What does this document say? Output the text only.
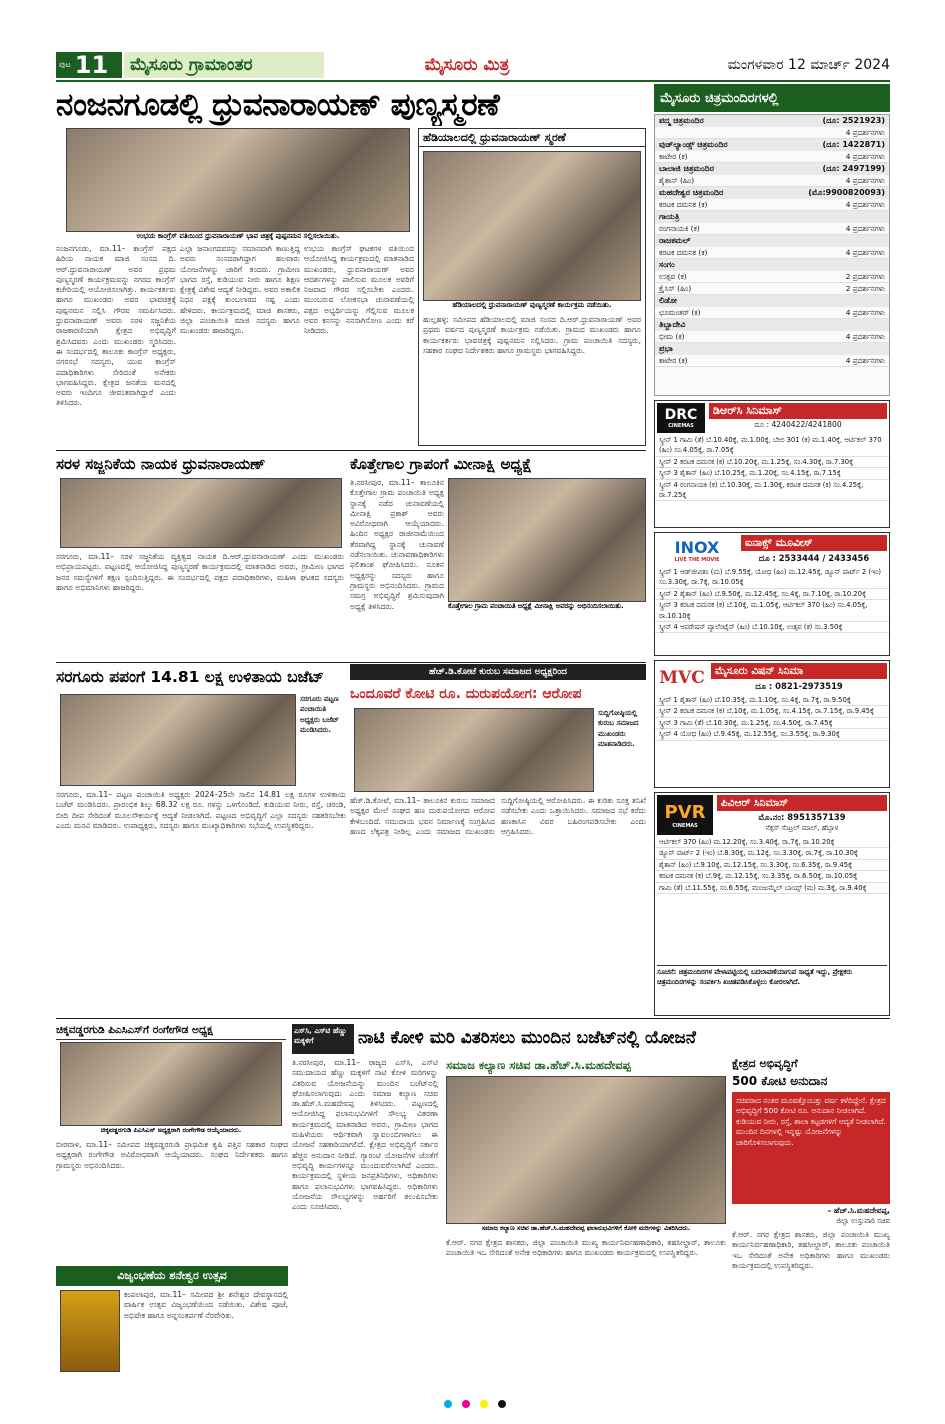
ಪುಟ 11	ಮೈಸೂರು ಗ್ರಾಮಾಂತರ	ಮೈಸೂರು ಮಿತ್ರ	ಮಂಗಳವಾರ 12 ಮಾರ್ಚ್ 2024
ನಂಜನಗೂಡಲ್ಲಿ ಧ್ರುವನಾರಾಯಣ್ ಪುಣ್ಯಸ್ಮರಣೆ
ಉಭಯ ಕಾಂಗ್ರೆಸ್ ವತಿಯಿಂದ ಧ್ರುವನಾರಾಯಣ್ ಭಾವ ಚಿತ್ರಕ್ಕೆ ಪುಷ್ಪನಮನ ಸಲ್ಲಿಸಲಾಯಿತು.
ನಂಜನಗೂಡು, ಮಾ.11– ಕಾಂಗ್ರೆಸ್ ಪಕ್ಷದ ಹಿರಿಯ ನಾಯಕ ಮಾಜಿ ಸಂಸದ ದಿ. ಆರ್.ಧ್ರುವನಾರಾಯಣ್ ಅವರ ಪ್ರಥಮ ಪುಣ್ಯಸ್ಮರಣೆ ಕಾರ್ಯಕ್ರಮವನ್ನು ನಗರದ ಕಾಂಗ್ರೆಸ್ ಕಚೇರಿಯಲ್ಲಿ ಆಯೋಜಿಸಲಾಗಿತ್ತು. ಕಾರ್ಯಕರ್ತರು ಹಾಗೂ ಮುಖಂಡರು ಅವರ ಭಾವಚಿತ್ರಕ್ಕೆ ಪುಷ್ಪನಮನ ಸಲ್ಲಿಸಿ ಗೌರವ ಸಮರ್ಪಿಸಿದರು. ಧ್ರುವನಾರಾಯಣ್ ಅವರು ಸರಳ ಸಜ್ಜನಿಕೆಯ ರಾಜಕಾರಣಿಯಾಗಿ ಕ್ಷೇತ್ರದ ಅಭಿವೃದ್ಧಿಗೆ ಶ್ರಮಿಸಿದವರು ಎಂದು ಮುಖಂಡರು ಸ್ಮರಿಸಿದರು. ಈ ಸಂದರ್ಭದಲ್ಲಿ ತಾಲೂಕು ಕಾಂಗ್ರೆಸ್ ಅಧ್ಯಕ್ಷರು, ನಗರಸಭೆ ಸದಸ್ಯರು, ಯುವ ಕಾಂಗ್ರೆಸ್ ಪದಾಧಿಕಾರಿಗಳು ಸೇರಿದಂತೆ ಅನೇಕರು ಭಾಗವಹಿಸಿದ್ದರು. ಕ್ಷೇತ್ರದ ಜನತೆಯ ಮನದಲ್ಲಿ ಅವರು ಇಂದಿಗೂ ಜೀವಂತವಾಗಿದ್ದಾರೆ ಎಂದು ತಿಳಿಸಿದರು.
ಎಲ್ಲಾ ಜನಾಂಗದವರನ್ನು ಸಮಾನವಾಗಿ ಕಾಣುತ್ತಿದ್ದ ಅವರು ಸಂಸದರಾಗಿದ್ದಾಗ ಹಲವಾರು ಯೋಜನೆಗಳನ್ನು ಜಾರಿಗೆ ತಂದರು. ಗ್ರಾಮೀಣ ಭಾಗದ ರಸ್ತೆ, ಕುಡಿಯುವ ನೀರು ಹಾಗೂ ಶಿಕ್ಷಣ ಕ್ಷೇತ್ರಕ್ಕೆ ವಿಶೇಷ ಆದ್ಯತೆ ನೀಡಿದ್ದರು. ಅವರ ಅಕಾಲಿಕ ನಿಧನ ಪಕ್ಷಕ್ಕೆ ತುಂಬಲಾರದ ನಷ್ಟ ಎಂದು ಹೇಳಿದರು. ಕಾರ್ಯಕ್ರಮದಲ್ಲಿ ಮಾಜಿ ಶಾಸಕರು, ಜಿಲ್ಲಾ ಪಂಚಾಯಿತಿ ಮಾಜಿ ಸದಸ್ಯರು ಹಾಗೂ ಮುಖಂಡರು ಹಾಜರಿದ್ದರು.
ಉಭಯ ಕಾಂಗ್ರೆಸ್ ಘಟಕಗಳ ವತಿಯಿಂದ ಆಯೋಜಿಸಿದ್ದ ಕಾರ್ಯಕ್ರಮದಲ್ಲಿ ಮಾತನಾಡಿದ ಮುಖಂಡರು, ಧ್ರುವನಾರಾಯಣ್ ಅವರ ಆದರ್ಶಗಳನ್ನು ಪಾಲಿಸುವ ಮೂಲಕ ಅವರಿಗೆ ನಿಜವಾದ ಗೌರವ ಸಲ್ಲಿಸಬೇಕು ಎಂದರು. ಮುಂಬರುವ ಲೋಕಸಭಾ ಚುನಾವಣೆಯಲ್ಲಿ ಪಕ್ಷದ ಅಭ್ಯರ್ಥಿಯನ್ನು ಗೆಲ್ಲಿಸುವ ಮೂಲಕ ಅವರ ಕನಸನ್ನು ನನಸಾಗಿಸೋಣ ಎಂದು ಕರೆ ನೀಡಿದರು.
ಹೆಡಿಯಾಲದಲ್ಲಿ ಧ್ರುವನಾರಾಯಣ್ ಸ್ಮರಣೆ
ಹೆಡಿಯಾಲದಲ್ಲಿ ಧ್ರುವನಾರಾಯಣ್ ಪುಣ್ಯಸ್ಮರಣೆ ಕಾರ್ಯಕ್ರಮ ನಡೆಯಿತು.
ಹುಲ್ಲಹಳ್ಳಿ: ಸಮೀಪದ ಹೆಡಿಯಾಲದಲ್ಲಿ ಮಾಜಿ ಸಂಸದ ದಿ.ಆರ್.ಧ್ರುವನಾರಾಯಣ್ ಅವರ ಪ್ರಥಮ ವರ್ಷದ ಪುಣ್ಯಸ್ಮರಣೆ ಕಾರ್ಯಕ್ರಮ ನಡೆಯಿತು. ಗ್ರಾಮದ ಮುಖಂಡರು ಹಾಗೂ ಕಾರ್ಯಕರ್ತರು ಭಾವಚಿತ್ರಕ್ಕೆ ಪುಷ್ಪನಮನ ಸಲ್ಲಿಸಿದರು. ಗ್ರಾಮ ಪಂಚಾಯಿತಿ ಸದಸ್ಯರು, ಸಹಕಾರ ಸಂಘದ ನಿರ್ದೇಶಕರು ಹಾಗೂ ಗ್ರಾಮಸ್ಥರು ಭಾಗವಹಿಸಿದ್ದರು.
ಸರಳ ಸಜ್ಜನಿಕೆಯ ನಾಯಕ ಧ್ರುವನಾರಾಯಣ್
ಸರಗೂರು, ಮಾ.11– ಸರಳ ಸಜ್ಜನಿಕೆಯ ವ್ಯಕ್ತಿತ್ವದ ನಾಯಕ ದಿ.ಆರ್.ಧ್ರುವನಾರಾಯಣ್ ಎಂದು ಮುಖಂಡರು ಅಭಿಪ್ರಾಯಪಟ್ಟರು. ಪಟ್ಟಣದಲ್ಲಿ ಆಯೋಜಿಸಿದ್ದ ಪುಣ್ಯಸ್ಮರಣೆ ಕಾರ್ಯಕ್ರಮದಲ್ಲಿ ಮಾತನಾಡಿದ ಅವರು, ಗ್ರಾಮೀಣ ಭಾಗದ ಜನರ ಸಮಸ್ಯೆಗಳಿಗೆ ತಕ್ಷಣ ಸ್ಪಂದಿಸುತ್ತಿದ್ದರು. ಈ ಸಂದರ್ಭದಲ್ಲಿ ಪಕ್ಷದ ಪದಾಧಿಕಾರಿಗಳು, ಮಹಿಳಾ ಘಟಕದ ಸದಸ್ಯರು ಹಾಗೂ ಅಭಿಮಾನಿಗಳು ಹಾಜರಿದ್ದರು.
ಕೊತ್ತೇಗಾಲ ಗ್ರಾಪಂಗೆ ಮೀನಾಕ್ಷಿ ಅಧ್ಯಕ್ಷೆ
ತಿ.ನರಸೀಪುರ, ಮಾ.11– ತಾಲೂಕಿನ ಕೊತ್ತೇಗಾಲ ಗ್ರಾಮ ಪಂಚಾಯಿತಿ ಅಧ್ಯಕ್ಷ ಸ್ಥಾನಕ್ಕೆ ನಡೆದ ಚುನಾವಣೆಯಲ್ಲಿ ಮೀನಾಕ್ಷಿ ಪ್ರಕಾಶ್ ಅವರು ಅವಿರೋಧವಾಗಿ ಆಯ್ಕೆಯಾದರು. ಹಿಂದಿನ ಅಧ್ಯಕ್ಷರ ರಾಜೀನಾಮೆಯಿಂದ ತೆರವಾಗಿದ್ದ ಸ್ಥಾನಕ್ಕೆ ಚುನಾವಣೆ ನಡೆಸಲಾಯಿತು. ಚುನಾವಣಾಧಿಕಾರಿಗಳು ಫಲಿತಾಂಶ ಘೋಷಿಸಿದರು. ನೂತನ ಅಧ್ಯಕ್ಷರನ್ನು ಸದಸ್ಯರು ಹಾಗೂ ಗ್ರಾಮಸ್ಥರು ಅಭಿನಂದಿಸಿದರು. ಗ್ರಾಮದ ಸಮಗ್ರ ಅಭಿವೃದ್ಧಿಗೆ ಶ್ರಮಿಸುವುದಾಗಿ ಅಧ್ಯಕ್ಷೆ ತಿಳಿಸಿದರು.	ಕೊತ್ತೇಗಾಲ ಗ್ರಾಮ ಪಂಚಾಯಿತಿ ಅಧ್ಯಕ್ಷೆ ಮೀನಾಕ್ಷಿ ಅವರನ್ನು ಅಭಿನಂದಿಸಲಾಯಿತು.
ಸರಗೂರು ಪಪಂಗೆ 14.81 ಲಕ್ಷ ಉಳಿತಾಯ ಬಜೆಟ್
ಸರಗೂರು ಪಟ್ಟಣ ಪಂಚಾಯಿತಿ ಅಧ್ಯಕ್ಷರು ಬಜೆಟ್ ಮಂಡಿಸಿದರು.
ಸರಗೂರು, ಮಾ.11– ಪಟ್ಟಣ ಪಂಚಾಯಿತಿ ಅಧ್ಯಕ್ಷರು 2024–25ನೇ ಸಾಲಿನ 14.81 ಲಕ್ಷ ರೂಗಳ ಉಳಿತಾಯ ಬಜೆಟ್ ಮಂಡಿಸಿದರು. ಪ್ರಾರಂಭಿಕ ಶಿಲ್ಕು 68.32 ಲಕ್ಷ ರೂ. ಗಳನ್ನು ಒಳಗೊಂಡಿದೆ. ಕುಡಿಯುವ ನೀರು, ರಸ್ತೆ, ಚರಂಡಿ, ಬೀದಿ ದೀಪ ಸೇರಿದಂತೆ ಮೂಲಸೌಕರ್ಯಕ್ಕೆ ಆದ್ಯತೆ ನೀಡಲಾಗಿದೆ. ಪಟ್ಟಣದ ಅಭಿವೃದ್ಧಿಗೆ ಎಲ್ಲಾ ಸದಸ್ಯರು ಸಹಕರಿಸಬೇಕು ಎಂದು ಮನವಿ ಮಾಡಿದರು. ಉಪಾಧ್ಯಕ್ಷರು, ಸದಸ್ಯರು ಹಾಗೂ ಮುಖ್ಯಾಧಿಕಾರಿಗಳು ಸಭೆಯಲ್ಲಿ ಉಪಸ್ಥಿತರಿದ್ದರು.
ಹೆಚ್.ಡಿ.ಕೋಟೆ ಕುರುಬ ಸಮಾಜದ ಅಧ್ಯಕ್ಷರಿಂದ
ಒಂದೂವರೆ ಕೋಟಿ ರೂ. ದುರುಪಯೋಗ: ಆರೋಪ
ಸುದ್ದಿಗೋಷ್ಠಿಯಲ್ಲಿ ಕುರುಬ ಸಮಾಜದ ಮುಖಂಡರು ಮಾತನಾಡಿದರು.
ಹೆಚ್.ಡಿ.ಕೋಟೆ, ಮಾ.11– ತಾಲೂಕಿನ ಕುರುಬ ಸಮಾಜದ ಅಧ್ಯಕ್ಷರ ಮೇಲೆ ಸಂಘದ ಹಣ ದುರುಪಯೋಗದ ಆರೋಪ ಕೇಳಿಬಂದಿದೆ. ಸಮುದಾಯ ಭವನ ನಿರ್ಮಾಣಕ್ಕೆ ಸಂಗ್ರಹಿಸಿದ ಹಣದ ಲೆಕ್ಕಪತ್ರ ನೀಡಿಲ್ಲ ಎಂದು ಸಮಾಜದ ಮುಖಂಡರು ಸುದ್ದಿಗೋಷ್ಠಿಯಲ್ಲಿ ಆರೋಪಿಸಿದರು. ಈ ಕುರಿತು ಸೂಕ್ತ ತನಿಖೆ ನಡೆಸಬೇಕು ಎಂದು ಒತ್ತಾಯಿಸಿದರು. ಸಮಾಜದ ಸಭೆ ಕರೆದು ಹಣಕಾಸಿನ ವಿವರ ಬಹಿರಂಗಪಡಿಸಬೇಕು ಎಂದು ಆಗ್ರಹಿಸಿದರು.
ಚಿಕ್ಕವಡ್ಡರಗುಡಿ ಪಿಎಸಿಎಸ್‌ಗೆ ರಂಗೇಗೌಡ ಅಧ್ಯಕ್ಷ
ಚಿಕ್ಕವಡ್ಡರಗುಡಿ ಪಿಎಸಿಎಸ್ ಅಧ್ಯಕ್ಷರಾಗಿ ರಂಗೇಗೌಡ ಆಯ್ಕೆಯಾದರು.
ಬೀರವಾಳ, ಮಾ.11– ಸಮೀಪದ ಚಿಕ್ಕವಡ್ಡರಗುಡಿ ಪ್ರಾಥಮಿಕ ಕೃಷಿ ಪತ್ತಿನ ಸಹಕಾರ ಸಂಘದ ಅಧ್ಯಕ್ಷರಾಗಿ ರಂಗೇಗೌಡ ಅವಿರೋಧವಾಗಿ ಆಯ್ಕೆಯಾದರು. ಸಂಘದ ನಿರ್ದೇಶಕರು ಹಾಗೂ ಗ್ರಾಮಸ್ಥರು ಅಭಿನಂದಿಸಿದರು.
ವಿಜೃಂಭಣೆಯ ಶನೇಶ್ವರ ಉತ್ಸವ
ಕಂಪಲಾಪುರ, ಮಾ.11– ಸಮೀಪದ ಶ್ರೀ ಶನೇಶ್ವರ ದೇವಸ್ಥಾನದಲ್ಲಿ ವಾರ್ಷಿಕ ಉತ್ಸವ ವಿಜೃಂಭಣೆಯಿಂದ ನಡೆಯಿತು. ವಿಶೇಷ ಪೂಜೆ, ಅಭಿಷೇಕ ಹಾಗೂ ಅನ್ನಸಂತರ್ಪಣೆ ನೆರವೇರಿತು.
ಎಸ್‌ಸಿ, ಎಸ್‌ಟಿ ಹೆಣ್ಣು ಮಕ್ಕಳಿಗೆ	ನಾಟಿ ಕೋಳಿ ಮರಿ ವಿತರಿಸಲು ಮುಂದಿನ ಬಜೆಟ್‌ನಲ್ಲಿ ಯೋಜನೆ
ತಿ.ನರಸೀಪುರ, ಮಾ.11– ರಾಜ್ಯದ ಎಸ್‌ಸಿ, ಎಸ್‌ಟಿ ಸಮುದಾಯದ ಹೆಣ್ಣು ಮಕ್ಕಳಿಗೆ ನಾಟಿ ಕೋಳಿ ಮರಿಗಳನ್ನು ವಿತರಿಸುವ ಯೋಜನೆಯನ್ನು ಮುಂದಿನ ಬಜೆಟ್‌ನಲ್ಲಿ ಘೋಷಿಸಲಾಗುವುದು ಎಂದು ಸಮಾಜ ಕಲ್ಯಾಣ ಸಚಿವ ಡಾ.ಹೆಚ್.ಸಿ.ಮಹದೇವಪ್ಪ ತಿಳಿಸಿದರು. ಪಟ್ಟಣದಲ್ಲಿ ಆಯೋಜಿಸಿದ್ದ ಫಲಾನುಭವಿಗಳಿಗೆ ಸೌಲಭ್ಯ ವಿತರಣಾ ಕಾರ್ಯಕ್ರಮದಲ್ಲಿ ಮಾತನಾಡಿದ ಅವರು, ಗ್ರಾಮೀಣ ಭಾಗದ ಮಹಿಳೆಯರು ಆರ್ಥಿಕವಾಗಿ ಸ್ವಾವಲಂಬಿಗಳಾಗಲು ಈ ಯೋಜನೆ ಸಹಕಾರಿಯಾಗಲಿದೆ. ಕ್ಷೇತ್ರದ ಅಭಿವೃದ್ಧಿಗೆ ಸರ್ಕಾರ ಹೆಚ್ಚಿನ ಅನುದಾನ ನೀಡಿದೆ. ಗ್ಯಾರಂಟಿ ಯೋಜನೆಗಳ ಜೊತೆಗೆ ಅಭಿವೃದ್ಧಿ ಕಾರ್ಯಗಳನ್ನೂ ಮುಂದುವರೆಸಲಾಗಿದೆ ಎಂದರು. ಕಾರ್ಯಕ್ರಮದಲ್ಲಿ ಸ್ಥಳೀಯ ಜನಪ್ರತಿನಿಧಿಗಳು, ಅಧಿಕಾರಿಗಳು ಹಾಗೂ ಫಲಾನುಭವಿಗಳು ಭಾಗವಹಿಸಿದ್ದರು. ಅಧಿಕಾರಿಗಳು ಯೋಜನೆಯ ಸೌಲಭ್ಯಗಳನ್ನು ಅರ್ಹರಿಗೆ ತಲುಪಿಸಬೇಕು ಎಂದು ಸೂಚಿಸಿದರು.
ಸಮಾಜ ಕಲ್ಯಾಣ ಸಚಿವ ಡಾ.ಹೆಚ್.ಸಿ.ಮಹದೇವಪ್ಪ
ಸಮಾಜ ಕಲ್ಯಾಣ ಸಚಿವ ಡಾ.ಹೆಚ್.ಸಿ.ಮಹದೇವಪ್ಪ ಫಲಾನುಭವಿಗಳಿಗೆ ಕೋಳಿ ಮರಿಗಳನ್ನು ವಿತರಿಸಿದರು.
ಕೆ.ಆರ್. ನಗರ ಕ್ಷೇತ್ರದ ಶಾಸಕರು, ಜಿಲ್ಲಾ ಪಂಚಾಯಿತಿ ಮುಖ್ಯ ಕಾರ್ಯನಿರ್ವಹಣಾಧಿಕಾರಿ, ತಹಸೀಲ್ದಾರ್, ತಾಲೂಕು ಪಂಚಾಯಿತಿ ಇಒ ಸೇರಿದಂತೆ ಅನೇಕ ಅಧಿಕಾರಿಗಳು ಹಾಗೂ ಮುಖಂಡರು ಕಾರ್ಯಕ್ರಮದಲ್ಲಿ ಉಪಸ್ಥಿತರಿದ್ದರು.
ಕ್ಷೇತ್ರದ ಅಭಿವೃದ್ಧಿಗೆ
500 ಕೋಟಿ ಅನುದಾನ
ಸಚಿವರಾದ ನಂತರ ಮೂವತ್ತೊಂಬತ್ತು ವರ್ಷ ಕಳೆದಿದ್ದೇನೆ. ಕ್ಷೇತ್ರದ ಅಭಿವೃದ್ಧಿಗೆ 500 ಕೋಟಿ ರೂ. ಅನುದಾನ ನೀಡಲಾಗಿದೆ. ಕುಡಿಯುವ ನೀರು, ರಸ್ತೆ, ಶಾಲಾ ಕಟ್ಟಡಗಳಿಗೆ ಆದ್ಯತೆ ನೀಡಲಾಗಿದೆ. ಮುಂದಿನ ದಿನಗಳಲ್ಲಿ ಇನ್ನಷ್ಟು ಯೋಜನೆಗಳನ್ನು ಜಾರಿಗೊಳಿಸಲಾಗುವುದು.
– ಹೆಚ್.ಸಿ.ಮಹದೇವಪ್ಪ,
ಜಿಲ್ಲಾ ಉಸ್ತುವಾರಿ ಸಚಿವ
ಕೆ.ಆರ್. ನಗರ ಕ್ಷೇತ್ರದ ಶಾಸಕರು, ಜಿಲ್ಲಾ ಪಂಚಾಯಿತಿ ಮುಖ್ಯ ಕಾರ್ಯನಿರ್ವಹಣಾಧಿಕಾರಿ, ತಹಸೀಲ್ದಾರ್, ತಾಲೂಕು ಪಂಚಾಯಿತಿ ಇಒ ಸೇರಿದಂತೆ ಅನೇಕ ಅಧಿಕಾರಿಗಳು ಹಾಗೂ ಮುಖಂಡರು ಕಾರ್ಯಕ್ರಮದಲ್ಲಿ ಉಪಸ್ಥಿತರಿದ್ದರು.
ಮೈಸೂರು ಚಿತ್ರಮಂದಿರಗಳಲ್ಲಿ
ಪದ್ಮ ಚಿತ್ರಮಂದಿರ	(ದೂ: 2521923)
4 ಪ್ರದರ್ಶನಗಳು
ವುಡ್‌ಲ್ಯಾಂಡ್ಸ್ ಚಿತ್ರಮಂದಿರ	(ದೂ: 1422871)
ಕಾಟೇರ (ಕ)	4 ಪ್ರದರ್ಶನಗಳು
ಬಾಲಾಜಿ ಚಿತ್ರಮಂದಿರ	(ದೂ: 2497199)
ಶೈತಾನ್ (ಹಿಂ)	4 ಪ್ರದರ್ಶನಗಳು
ಮಹದೇಶ್ವರ ಚಿತ್ರಮಂದಿರ	(ಮೊ:9900820093)
ಕರಟಕ ದಮನಕ (ಕ)	4 ಪ್ರದರ್ಶನಗಳು
ಗಾಯತ್ರಿ
ರಂಗನಾಯಕಿ (ಕ)	4 ಪ್ರದರ್ಶನಗಳು
ರಾಜಕಮಲ್
ಕರಟಕ ದಮನಕ (ಕ)	4 ಪ್ರದರ್ಶನಗಳು
ಸಂಗಂ
ಉತ್ಸವ (ಕ)	2 ಪ್ರದರ್ಶನಗಳು
ಕ್ರೈಸಿಸ್ (ಹಿಂ)	2 ಪ್ರದರ್ಶನಗಳು
ಲಿಡೋ
ಛೂಮಂತರ್ (ಕ)	4 ಪ್ರದರ್ಶನಗಳು
ತಿಬ್ಬಾದೇವಿ
ಭೀಮ (ಕ)	4 ಪ್ರದರ್ಶನಗಳು
ಪ್ರಭಾ
ಕಾಟೇರ (ಕ)	4 ಪ್ರದರ್ಶನಗಳು
DRC
CINEMAS
ಡಿಆರ್‌ಸಿ ಸಿನಿಮಾಸ್
ದೂ : 4240422/4241800
ಸ್ಕ್ರೀನ್ 1 ಗಾಮಿ (ತೆ) ಬೆ.10.40ಕ್ಕೆ, ಮ.1.00ಕ್ಕೆ, ಬೇಬಿ 301 (ಕ) ಮ.1.40ಕ್ಕೆ, ಆರ್ಟಿಕಲ್ 370 (ಹಿಂ) ಸಂ.4.05ಕ್ಕೆ, ರಾ.7.05ಕ್ಕೆ
ಸ್ಕ್ರೀನ್ 2 ಕರಟಕ ದಮನಕ (ಕ) ಬೆ.10.20ಕ್ಕೆ, ಮ.1.25ಕ್ಕೆ, ಸಂ.4.30ಕ್ಕೆ, ರಾ.7.30ಕ್ಕೆ
ಸ್ಕ್ರೀನ್ 3 ಶೈತಾನ್ (ಹಿಂ) ಬೆ.10.25ಕ್ಕೆ, ಮ.1.20ಕ್ಕೆ, ಸಂ.4.15ಕ್ಕೆ, ರಾ.7.15ಕ್ಕೆ
ಸ್ಕ್ರೀನ್ 4 ರಂಗನಾಯಕಿ (ಕ) ಬೆ.10.30ಕ್ಕೆ, ಮ.1.30ಕ್ಕೆ, ಕರಟಕ ದಮನಕ (ಕ) ಸಂ.4.25ಕ್ಕೆ, ರಾ.7.25ಕ್ಕೆ
INOX
LIVE THE MOVIE
ಐನಾಕ್ಸ್ ಮೂವೀಸ್
ದೂ : 2533444 / 2433456
ಸ್ಕ್ರೀನ್ 1 ಆಡ್‌ಜೀವಿತಂ (ಮ) ಬೆ.9.55ಕ್ಕೆ, ಯೋಧ (ಹಿಂ) ಮ.12.45ಕ್ಕೆ, ಡ್ಯೂನ್ ಪಾರ್ಟ್ 2 (ಇಂ) ಸಂ.3.30ಕ್ಕೆ, ರಾ.7ಕ್ಕೆ, ರಾ.10.05ಕ್ಕೆ
ಸ್ಕ್ರೀನ್ 2 ಶೈತಾನ್ (ಹಿಂ) ಬೆ.9.50ಕ್ಕೆ, ಮ.12.45ಕ್ಕೆ, ಸಂ.4ಕ್ಕೆ, ರಾ.7.10ಕ್ಕೆ, ರಾ.10.20ಕ್ಕೆ
ಸ್ಕ್ರೀನ್ 3 ಕರಟಕ ದಮನಕ (ಕ) ಬೆ.10ಕ್ಕೆ, ಮ.1.05ಕ್ಕೆ, ಆರ್ಟಿಕಲ್ 370 (ಹಿಂ) ಸಂ.4.05ಕ್ಕೆ, ರಾ.10.10ಕ್ಕೆ
ಸ್ಕ್ರೀನ್ 4 ಆಪರೇಷನ್ ವ್ಯಾಲೆಂಟೈನ್ (ಹಿಂ) ಬೆ.10.10ಕ್ಕೆ, ಉತ್ಸವ (ಕ) ಸಂ.3.50ಕ್ಕೆ
MVC ಮೈಸೂರು ವಿಷನ್ ಸಿನಿಮಾ
ದೂ : 0821-2973519
ಸ್ಕ್ರೀನ್ 1 ಶೈತಾನ್ (ಹಿಂ) ಬೆ.10.35ಕ್ಕೆ, ಮ.1.10ಕ್ಕೆ, ಸಂ.4ಕ್ಕೆ, ರಾ.7ಕ್ಕೆ, ರಾ.9.50ಕ್ಕೆ
ಸ್ಕ್ರೀನ್ 2 ಕರಟಕ ದಮನಕ (ಕ) ಬೆ.10ಕ್ಕೆ, ಮ.1.05ಕ್ಕೆ, ಸಂ.4.15ಕ್ಕೆ, ರಾ.7.15ಕ್ಕೆ, ರಾ.9.45ಕ್ಕೆ
ಸ್ಕ್ರೀನ್ 3 ಗಾಮಿ (ತೆ) ಬೆ.10.30ಕ್ಕೆ, ಮ.1.25ಕ್ಕೆ, ಸಂ.4.50ಕ್ಕೆ, ರಾ.7.45ಕ್ಕೆ
ಸ್ಕ್ರೀನ್ 4 ಯೋಧ (ಹಿಂ) ಬೆ.9.45ಕ್ಕೆ, ಮ.12.55ಕ್ಕೆ, ಸಂ.3.55ಕ್ಕೆ, ರಾ.9.30ಕ್ಕೆ
PVR
CINEMAS
ಪಿವಿಆರ್ ಸಿನಿಮಾಸ್
ಮೊ.ನಂ: 8951357139
ನೆಕ್ಸಸ್ ಸೆಂಟ್ರಲ್ ಮಾಲ್, ಹೆಬ್ಬಾಳ
ಆರ್ಟಿಕಲ್ 370 (ಹಿಂ) ಮ.12.20ಕ್ಕೆ, ಸಂ.3.40ಕ್ಕೆ, ರಾ.7ಕ್ಕೆ, ರಾ.10.20ಕ್ಕೆ
ಡ್ಯೂನ್ ಪಾರ್ಟ್ 2 (ಇಂ) ಬೆ.8.30ಕ್ಕೆ, ಮ.12ಕ್ಕೆ, ಸಂ.3.30ಕ್ಕೆ, ರಾ.7ಕ್ಕೆ, ರಾ.10.30ಕ್ಕೆ
ಶೈತಾನ್ (ಹಿಂ) ಬೆ.9.10ಕ್ಕೆ, ಮ.12.15ಕ್ಕೆ, ಸಂ.3.30ಕ್ಕೆ, ಸಂ.6.35ಕ್ಕೆ, ರಾ.9.45ಕ್ಕೆ
ಕರಟಕ ದಮನಕ (ಕ) ಬೆ.9ಕ್ಕೆ, ಮ.12.15ಕ್ಕೆ, ಸಂ.3.35ಕ್ಕೆ, ರಾ.6.50ಕ್ಕೆ, ರಾ.10.05ಕ್ಕೆ
ಗಾಮಿ (ತೆ) ಬೆ.11.55ಕ್ಕೆ, ಸಂ.6.55ಕ್ಕೆ, ಮಂಜುಮ್ಮೆಲ್ ಬಾಯ್ಸ್ (ಮ) ಮ.3ಕ್ಕೆ, ರಾ.9.40ಕ್ಕೆ
ಸೂಚನೆ: ಚಿತ್ರಮಂದಿರಗಳ ವೇಳಾಪಟ್ಟಿಯಲ್ಲಿ ಬದಲಾವಣೆಯಾಗುವ ಸಾಧ್ಯತೆ ಇದ್ದು, ಪ್ರೇಕ್ಷಕರು ಚಿತ್ರಮಂದಿರಗಳನ್ನು ಸಂಪರ್ಕಿಸಿ ಖಚಿತಪಡಿಸಿಕೊಳ್ಳಲು ಕೋರಲಾಗಿದೆ.
